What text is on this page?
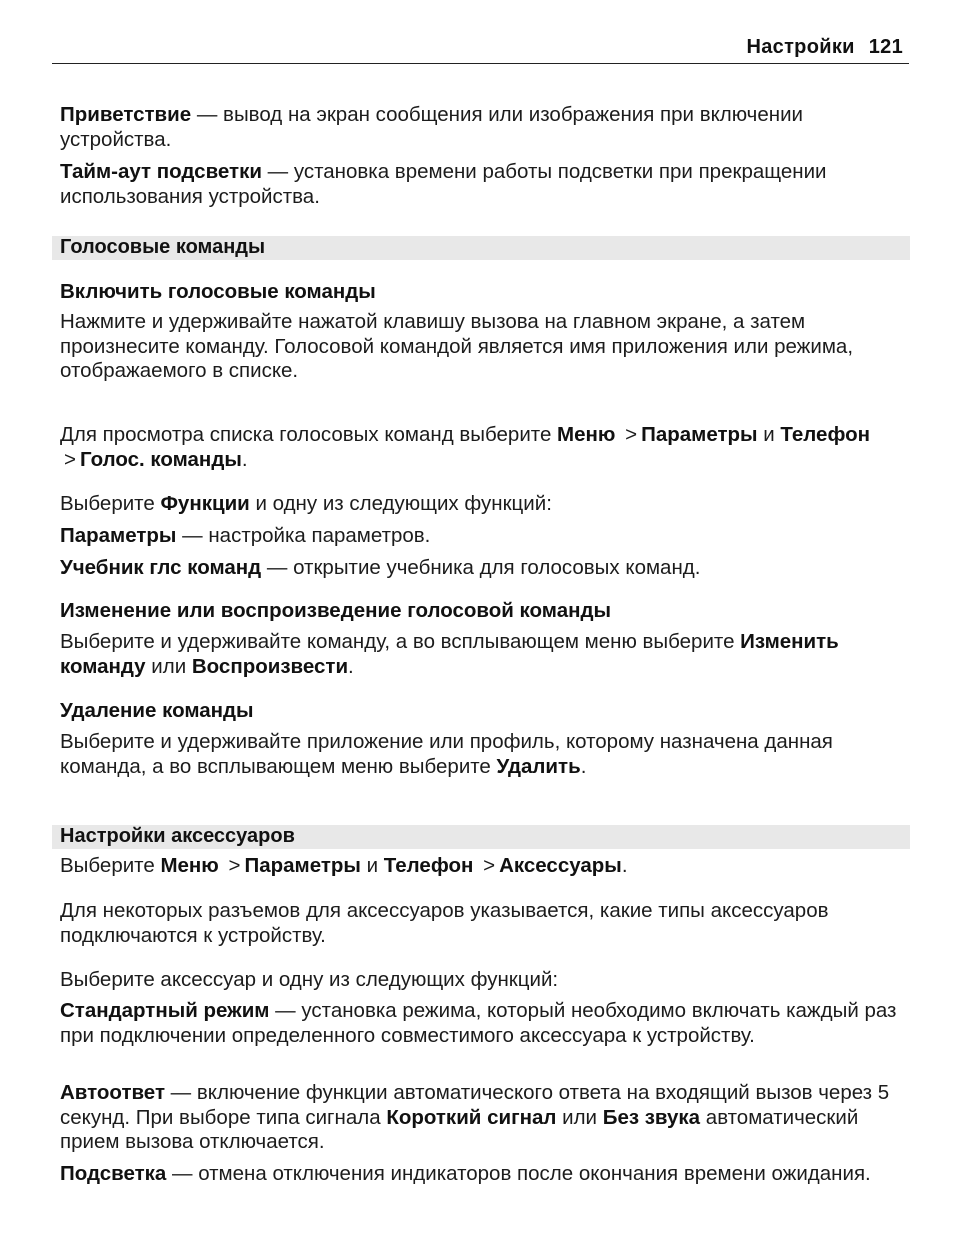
Настройки 121
Приветствие — вывод на экран сообщения или изображения при включении устройства.
Тайм-аут подсветки — установка времени работы подсветки при прекращении использования устройства.
Голосовые команды
Включить голосовые команды
Нажмите и удерживайте нажатой клавишу вызова на главном экране, а затем произнесите команду. Голосовой командой является имя приложения или режима, отображаемого в списке.
Для просмотра списка голосовых команд выберите Меню > Параметры и Телефон > Голос. команды.
Выберите Функции и одну из следующих функций:
Параметры — настройка параметров.
Учебник глс команд — открытие учебника для голосовых команд.
Изменение или воспроизведение голосовой команды
Выберите и удерживайте команду, а во всплывающем меню выберите Изменить команду или Воспроизвести.
Удаление команды
Выберите и удерживайте приложение или профиль, которому назначена данная команда, а во всплывающем меню выберите Удалить.
Настройки аксессуаров
Выберите Меню > Параметры и Телефон > Аксессуары.
Для некоторых разъемов для аксессуаров указывается, какие типы аксессуаров подключаются к устройству.
Выберите аксессуар и одну из следующих функций:
Стандартный режим — установка режима, который необходимо включать каждый раз при подключении определенного совместимого аксессуара к устройству.
Автоответ — включение функции автоматического ответа на входящий вызов через 5 секунд. При выборе типа сигнала Короткий сигнал или Без звука автоматический прием вызова отключается.
Подсветка — отмена отключения индикаторов после окончания времени ожидания.
